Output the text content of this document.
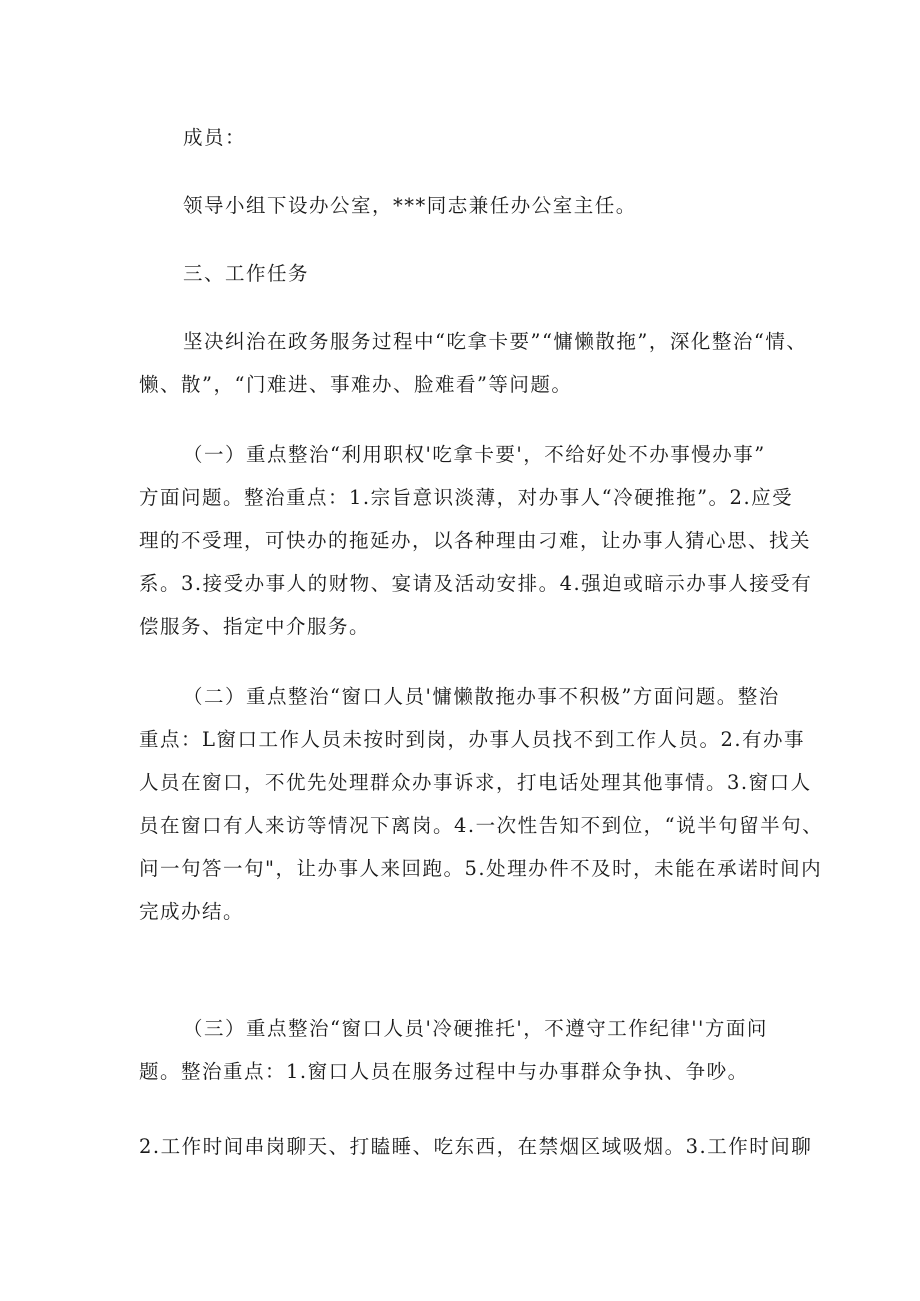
成员：

领导小组下设办公室，***同志兼任办公室主任。

三、工作任务

坚决纠治在政务服务过程中“吃拿卡要”“慵懒散拖”，深化整治“情、
懒、散”，“门难进、事难办、脸难看”等问题。

（一）重点整治“利用职权'吃拿卡要'，不给好处不办事慢办事”
方面问题。整治重点：1.宗旨意识淡薄，对办事人“冷硬推拖”。2.应受
理的不受理，可快办的拖延办，以各种理由刁难，让办事人猜心思、找关
系。3.接受办事人的财物、宴请及活动安排。4.强迫或暗示办事人接受有
偿服务、指定中介服务。

（二）重点整治“窗口人员'慵懒散拖办事不积极”方面问题。整治
重点：L窗口工作人员未按时到岗，办事人员找不到工作人员。2.有办事
人员在窗口，不优先处理群众办事诉求，打电话处理其他事情。3.窗口人
员在窗口有人来访等情况下离岗。4.一次性告知不到位，“说半句留半句、
问一句答一句"，让办事人来回跑。5.处理办件不及时，未能在承诺时间内
完成办结。

（三）重点整治“窗口人员'冷硬推托'，不遵守工作纪律''方面问
题。整治重点：1.窗口人员在服务过程中与办事群众争执、争吵。

2.工作时间串岗聊天、打瞌睡、吃东西，在禁烟区域吸烟。3.工作时间聊
